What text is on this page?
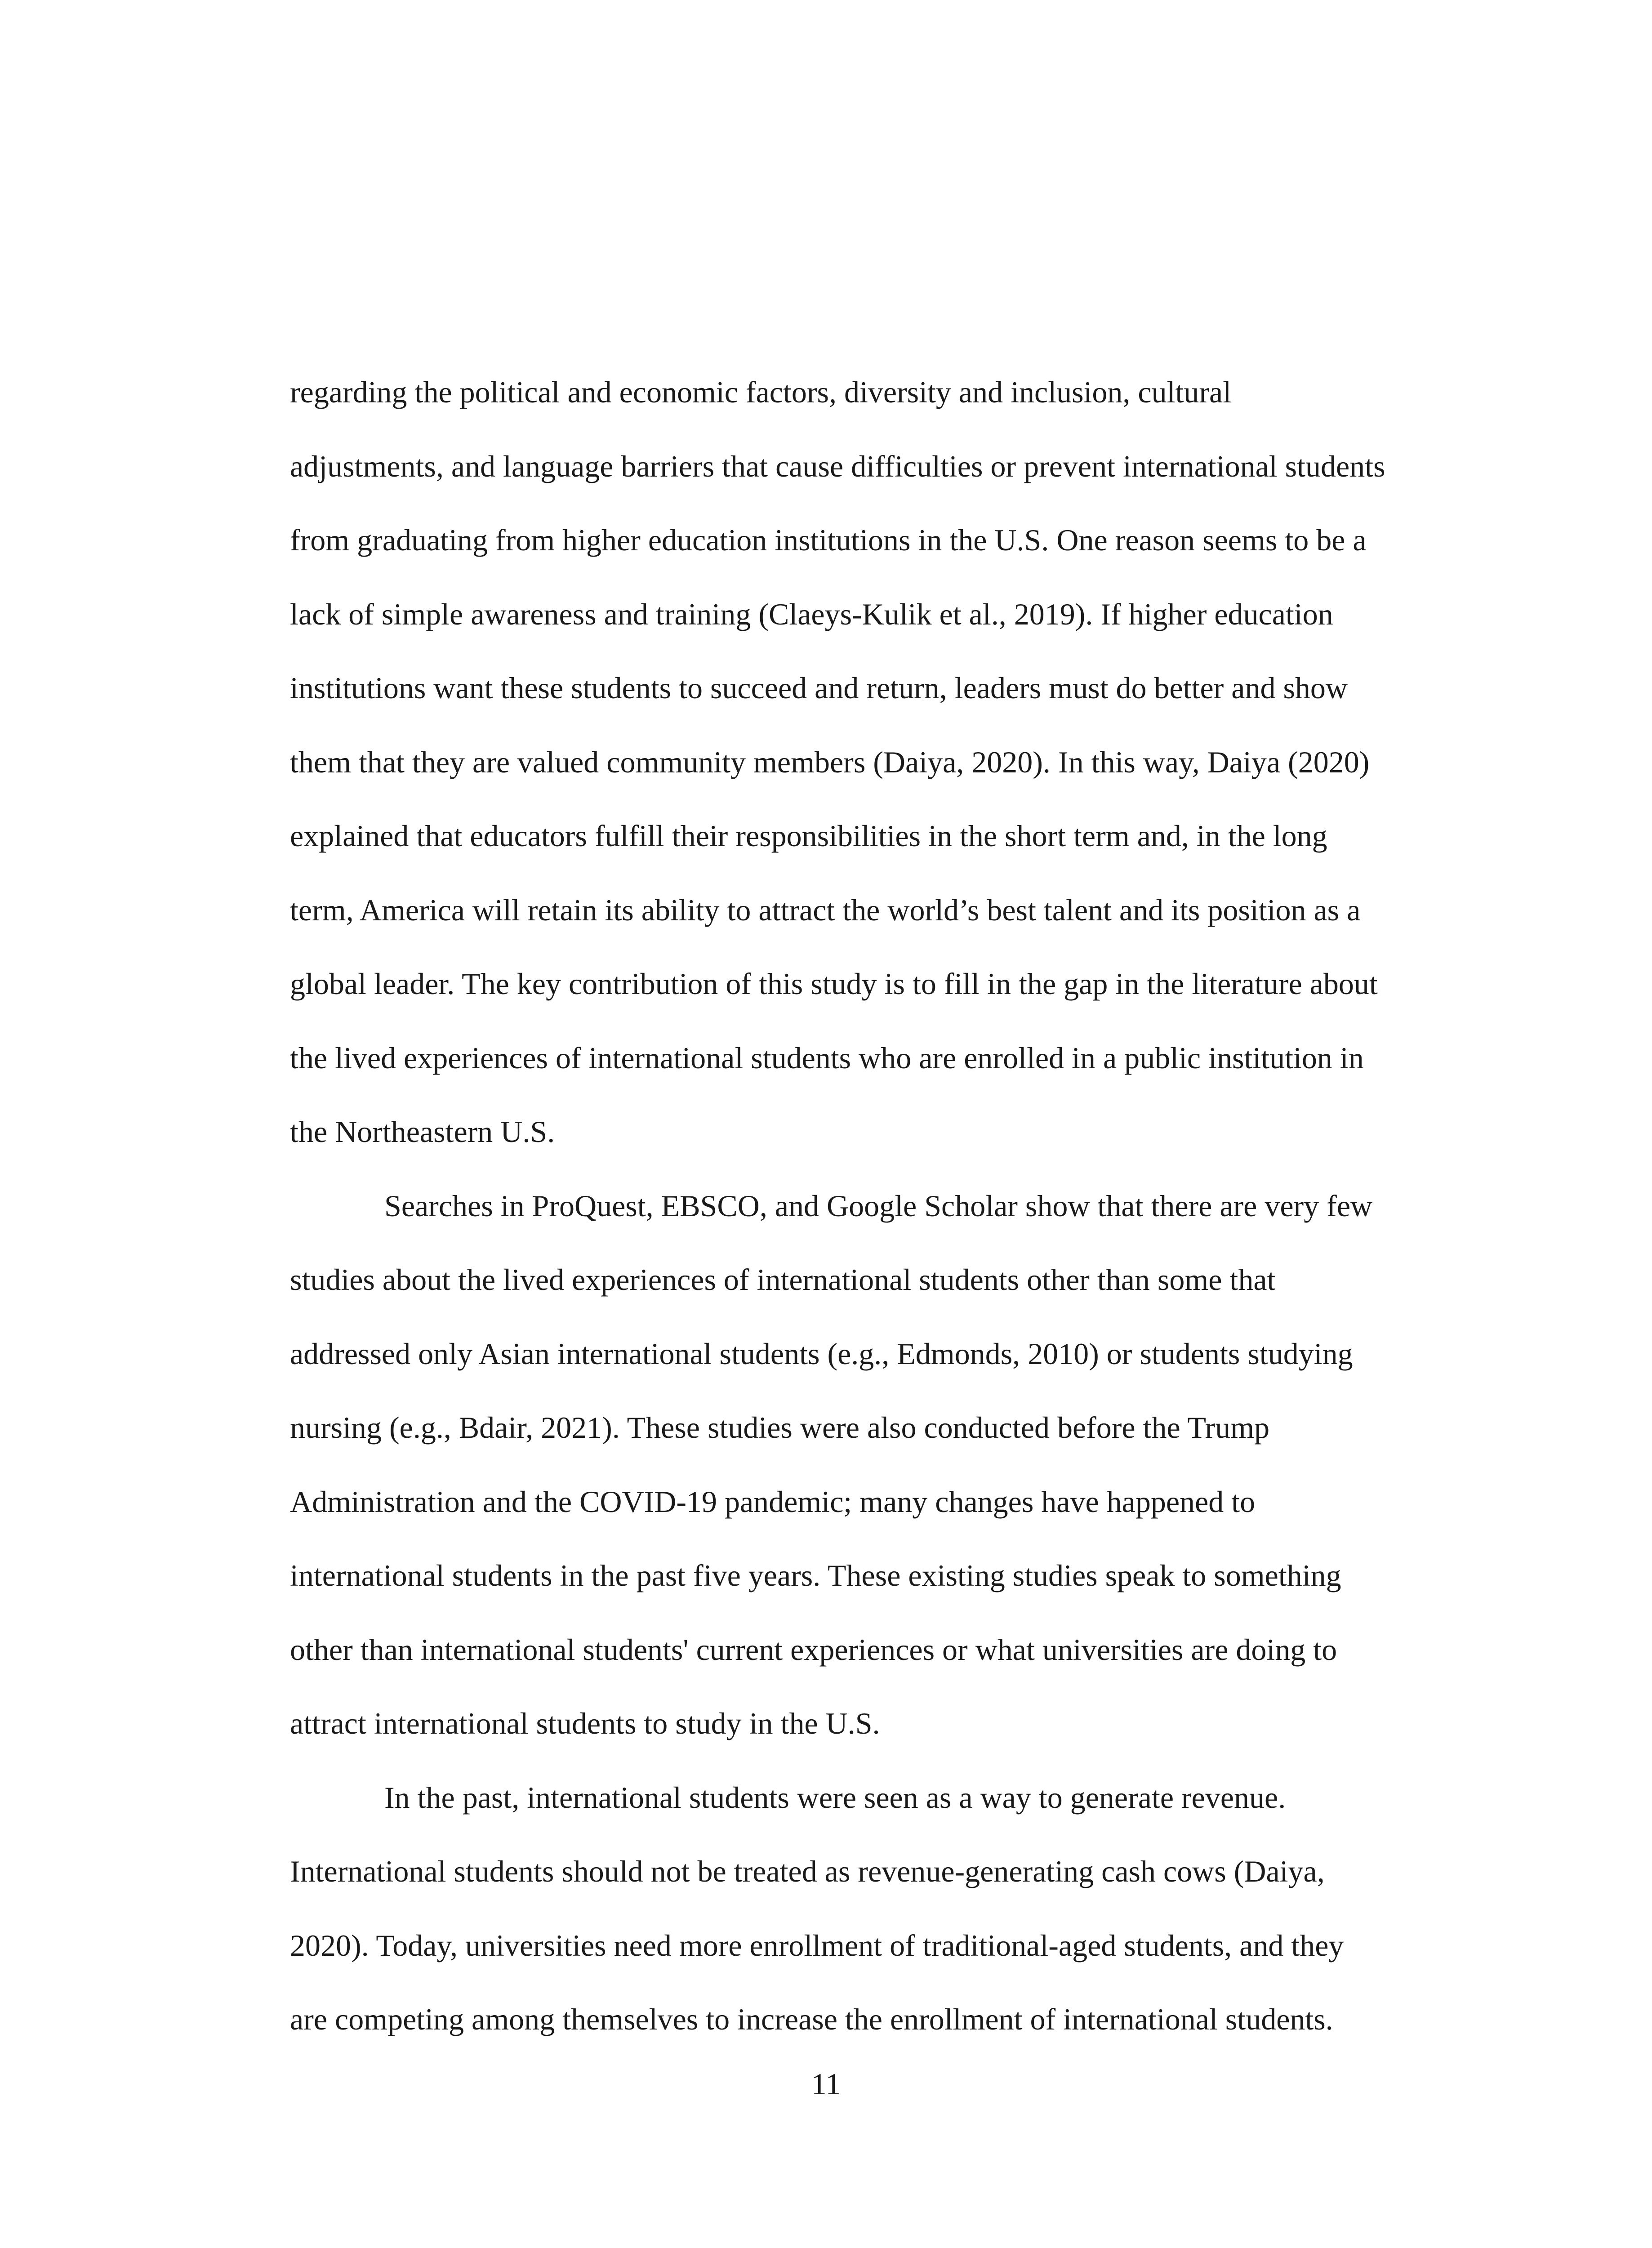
regarding the political and economic factors, diversity and inclusion, cultural
adjustments, and language barriers that cause difficulties or prevent international students
from graduating from higher education institutions in the U.S. One reason seems to be a
lack of simple awareness and training (Claeys-Kulik et al., 2019). If higher education
institutions want these students to succeed and return, leaders must do better and show
them that they are valued community members (Daiya, 2020). In this way, Daiya (2020)
explained that educators fulfill their responsibilities in the short term and, in the long
term, America will retain its ability to attract the world’s best talent and its position as a
global leader. The key contribution of this study is to fill in the gap in the literature about
the lived experiences of international students who are enrolled in a public institution in
the Northeastern U.S.
Searches in ProQuest, EBSCO, and Google Scholar show that there are very few
studies about the lived experiences of international students other than some that
addressed only Asian international students (e.g., Edmonds, 2010) or students studying
nursing (e.g., Bdair, 2021). These studies were also conducted before the Trump
Administration and the COVID-19 pandemic; many changes have happened to
international students in the past five years. These existing studies speak to something
other than international students' current experiences or what universities are doing to
attract international students to study in the U.S.
In the past, international students were seen as a way to generate revenue.
International students should not be treated as revenue-generating cash cows (Daiya,
2020). Today, universities need more enrollment of traditional-aged students, and they
are competing among themselves to increase the enrollment of international students.
11
